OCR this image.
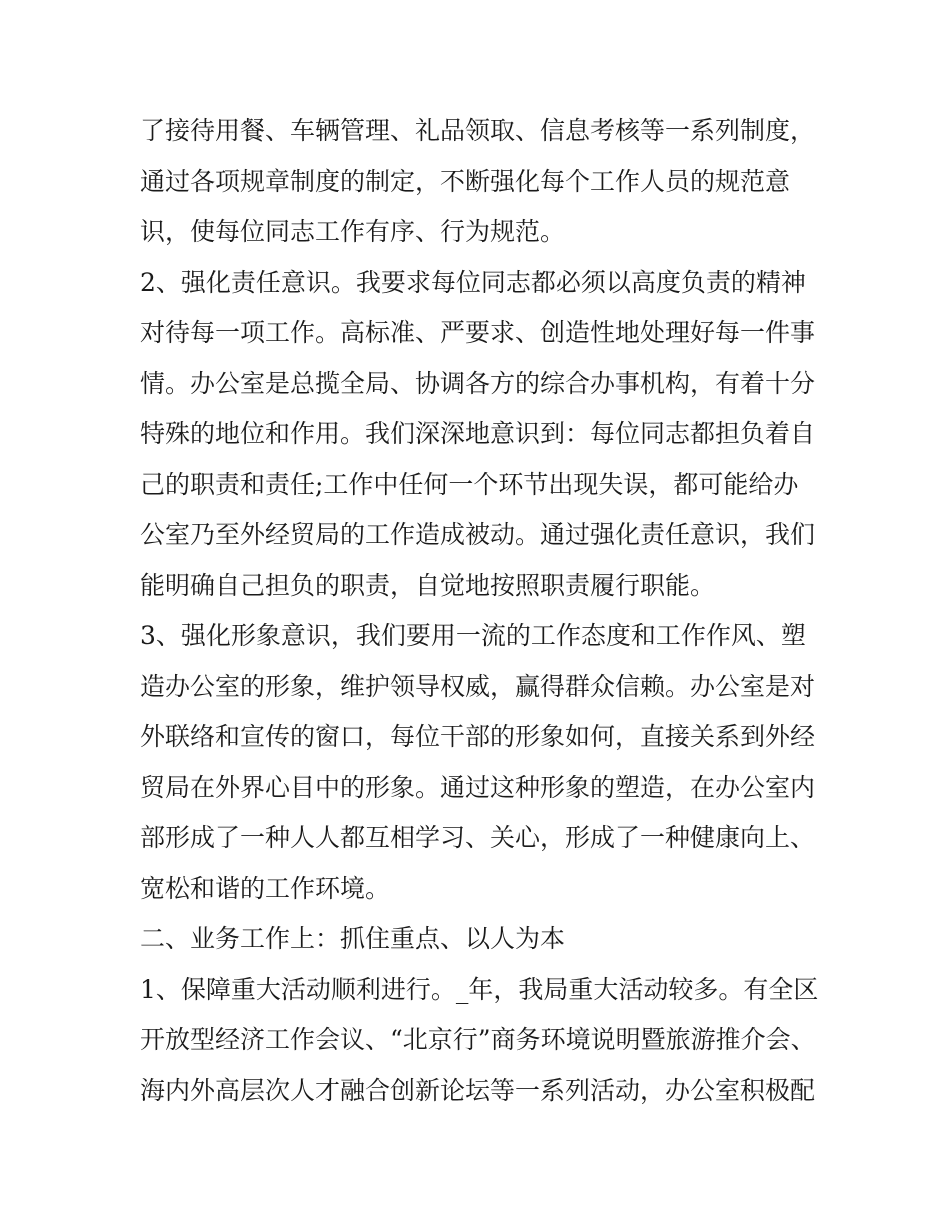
了接待用餐、车辆管理、礼品领取、信息考核等一系列制度，
通过各项规章制度的制定，不断强化每个工作人员的规范意
识，使每位同志工作有序、行为规范。
2、强化责任意识。我要求每位同志都必须以高度负责的精神
对待每一项工作。高标准、严要求、创造性地处理好每一件事
情。办公室是总揽全局、协调各方的综合办事机构，有着十分
特殊的地位和作用。我们深深地意识到：每位同志都担负着自
己的职责和责任;工作中任何一个环节出现失误，都可能给办
公室乃至外经贸局的工作造成被动。通过强化责任意识，我们
能明确自己担负的职责，自觉地按照职责履行职能。
3、强化形象意识，我们要用一流的工作态度和工作作风、塑
造办公室的形象，维护领导权威，赢得群众信赖。办公室是对
外联络和宣传的窗口，每位干部的形象如何，直接关系到外经
贸局在外界心目中的形象。通过这种形象的塑造，在办公室内
部形成了一种人人都互相学习、关心，形成了一种健康向上、
宽松和谐的工作环境。
二、业务工作上：抓住重点、以人为本
1、保障重大活动顺利进行。_年，我局重大活动较多。有全区
开放型经济工作会议、“北京行”商务环境说明暨旅游推介会、
海内外高层次人才融合创新论坛等一系列活动，办公室积极配
